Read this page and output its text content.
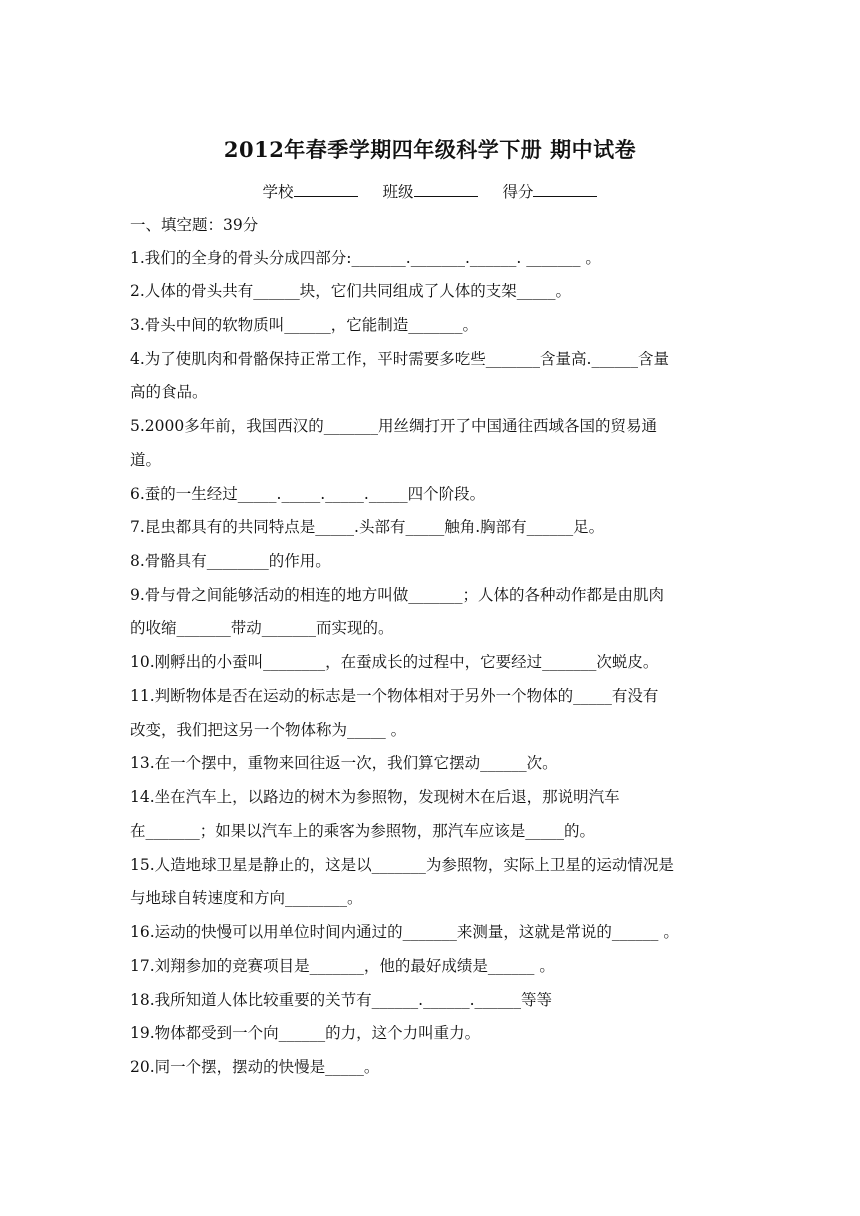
2012年春季学期四年级科学下册 期中试卷
学校	班级	得分
一、填空题：39分
1.我们的全身的骨头分成四部分:_______._______.______. _______ 。
2.人体的骨头共有______块，它们共同组成了人体的支架_____。
3.骨头中间的软物质叫______，它能制造_______。
4.为了使肌肉和骨骼保持正常工作，平时需要多吃些_______含量高.______含量
高的食品。
5.2000多年前，我国西汉的_______用丝绸打开了中国通往西域各国的贸易通
道。
6.蚕的一生经过_____._____._____._____四个阶段。
7.昆虫都具有的共同特点是_____.头部有_____触角.胸部有______足。
8.骨骼具有________的作用。
9.骨与骨之间能够活动的相连的地方叫做_______；人体的各种动作都是由肌肉
的收缩_______带动_______而实现的。
10.刚孵出的小蚕叫________，在蚕成长的过程中，它要经过_______次蜕皮。
11.判断物体是否在运动的标志是一个物体相对于另外一个物体的_____有没有
改变，我们把这另一个物体称为_____ 。
13.在一个摆中，重物来回往返一次，我们算它摆动______次。
14.坐在汽车上，以路边的树木为参照物，发现树木在后退，那说明汽车
在_______；如果以汽车上的乘客为参照物，那汽车应该是_____的。
15.人造地球卫星是静止的，这是以_______为参照物，实际上卫星的运动情况是
与地球自转速度和方向________。
16.运动的快慢可以用单位时间内通过的_______来测量，这就是常说的______ 。
17.刘翔参加的竞赛项目是_______，他的最好成绩是______ 。
18.我所知道人体比较重要的关节有______.______.______等等
19.物体都受到一个向______的力，这个力叫重力。
20.同一个摆，摆动的快慢是_____。
